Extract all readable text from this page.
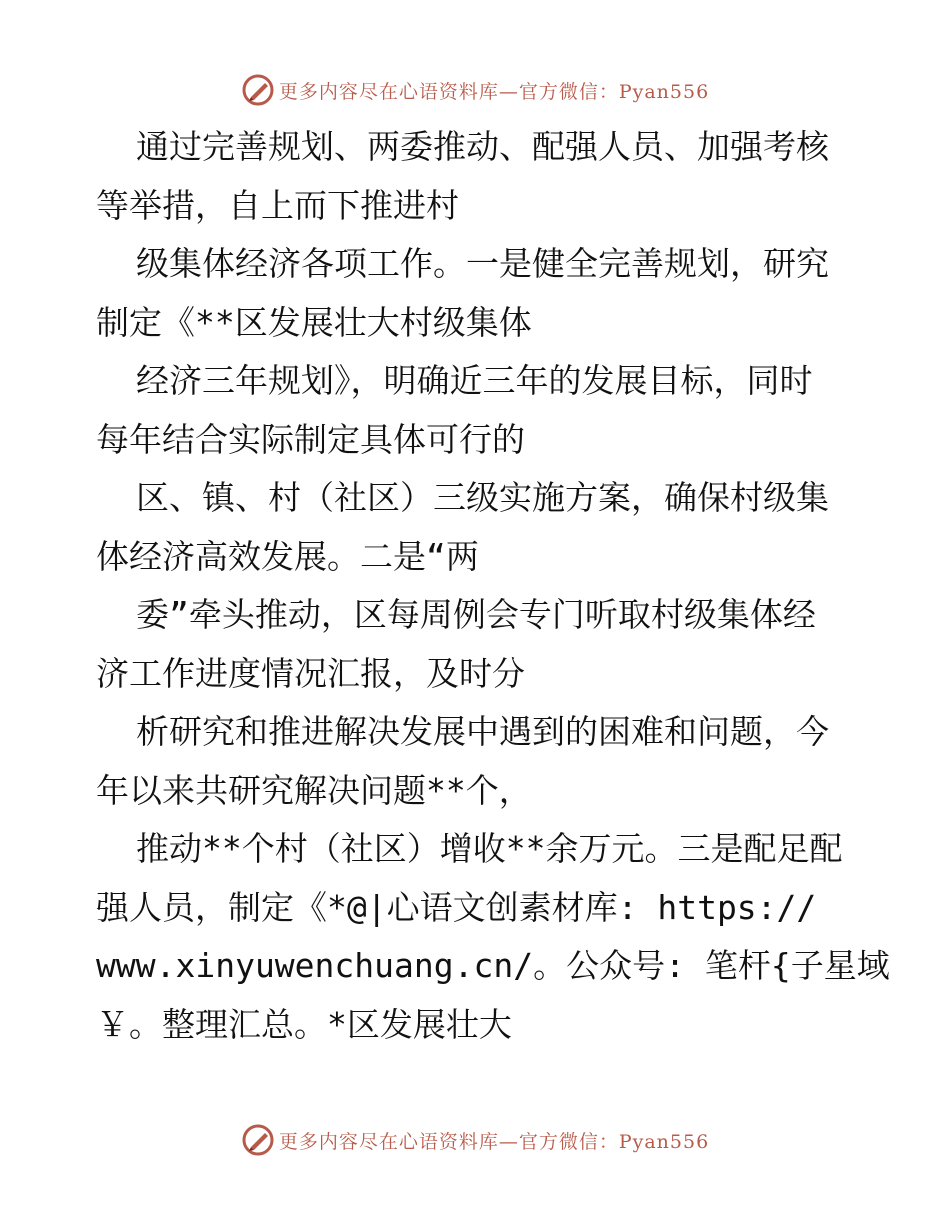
更多内容尽在心语资料库—官方微信：Pyan556
通过完善规划、两委推动、配强人员、加强考核
等举措，自上而下推进村
级集体经济各项工作。一是健全完善规划，研究
制定《**区发展壮大村级集体
经济三年规划》，明确近三年的发展目标，同时
每年结合实际制定具体可行的
区、镇、村（社区）三级实施方案，确保村级集
体经济高效发展。二是“两
委”牵头推动，区每周例会专门听取村级集体经
济工作进度情况汇报，及时分
析研究和推进解决发展中遇到的困难和问题，今
年以来共研究解决问题**个，
推动**个村（社区）增收**余万元。三是配足配
强人员，制定《*@|心语文创素材库: https://
www.xinyuwenchuang.cn/。公众号: 笔杆{子星域
￥。整理汇总。*区发展壮大
更多内容尽在心语资料库—官方微信：Pyan556
